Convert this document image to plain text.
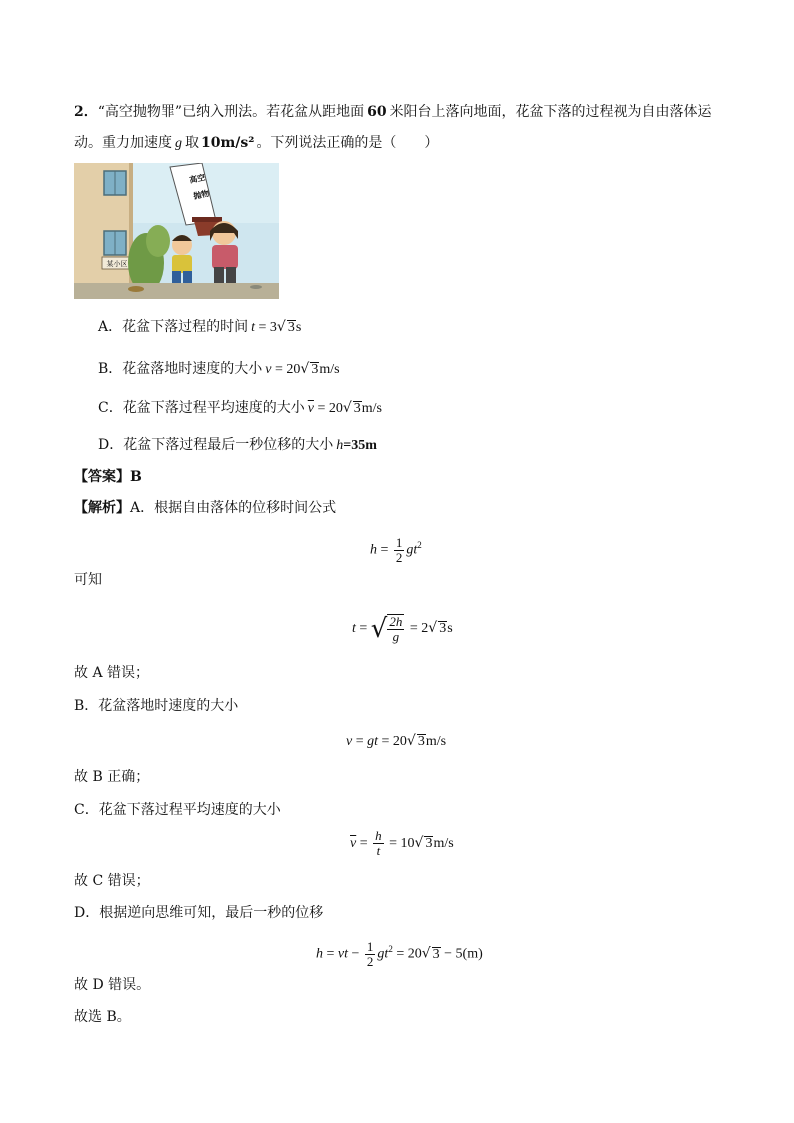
2．“高空抛物罪”已纳入刑法。若花盆从距地面 60 米阳台上落向地面，花盆下落的过程视为自由落体运
动。重力加速度 g 取 10m/s² 。下列说法正确的是（　　）
某小区
高空
抛物
A．花盆下落过程的时间 t = 3√ 3s
B．花盆落地时速度的大小 v = 20√ 3m/s
C．花盆下落过程平均速度的大小 $\overline{v} = 20√$ 3m/s
D．花盆下落过程最后一秒位移的大小 h=35m
【答案】B
【解析】A．根据自由落体的位移时间公式
$h = \frac{1}{2} gt^2$
可知
t = √ $\frac{2h}{g} = 2√$ 3s
故 A 错误；
B．花盆落地时速度的大小
v = gt = 20√ 3m/s
故 B 正确；
C．花盆下落过程平均速度的大小
$\overline{v} = \frac{h}{t} = 10√$ 3m/s
故 C 错误；
D．根据逆向思维可知，最后一秒的位移
h = vt − $\frac{1}{2} gt^2 = 20√$ 3 − 5(m)
故 D 错误。
故选 B。
